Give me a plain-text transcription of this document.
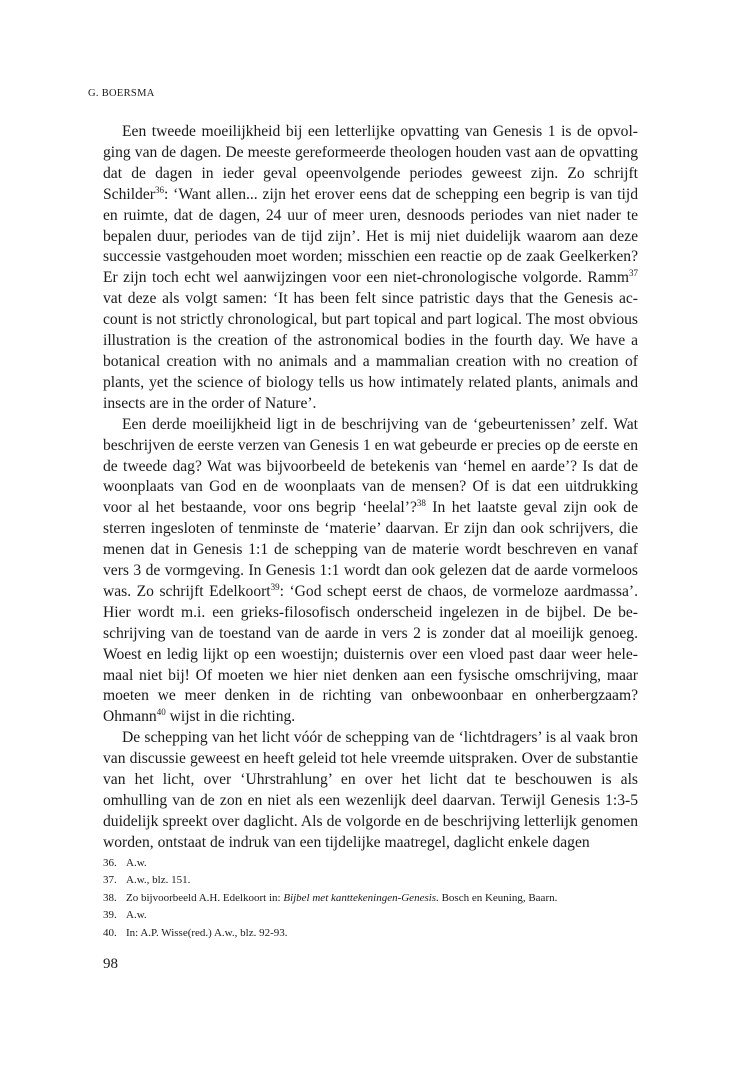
G. BOERSMA

Een tweede moeilijkheid bij een letterlijke opvatting van Genesis 1 is de opvolging van de dagen. De meeste gereformeerde theologen houden vast aan de opvatting dat de dagen in ieder geval opeenvolgende periodes geweest zijn. Zo schrijft Schilder$^{36}$: ‘Want allen... zijn het erover eens dat de schepping een begrip is van tijd en ruimte, dat de dagen, 24 uur of meer uren, desnoods periodes van niet nader te bepalen duur, periodes van de tijd zijn’. Het is mij niet duidelijk waarom aan deze successie vastgehouden moet worden; misschien een reactie op de zaak Geelkerken? Er zijn toch echt wel aanwijzingen voor een niet-chronologische volgorde. Ramm$^{37}$ vat deze als volgt samen: ‘It has been felt since patristic days that the Genesis account is not strictly chronological, but part topical and part logical. The most obvious illustration is the creation of the astronomical bodies in the fourth day. We have a botanical creation with no animals and a mammalian creation with no creation of plants, yet the science of biology tells us how intimately related plants, animals and insects are in the order of Nature’.

Een derde moeilijkheid ligt in de beschrijving van de ‘gebeurtenissen’ zelf. Wat beschrijven de eerste verzen van Genesis 1 en wat gebeurde er precies op de eerste en de tweede dag? Wat was bijvoorbeeld de betekenis van ‘hemel en aarde’? Is dat de woonplaats van God en de woonplaats van de mensen? Of is dat een uitdrukking voor al het bestaande, voor ons begrip ‘heelal’?$^{38}$ In het laatste geval zijn ook de sterren ingesloten of tenminste de ‘materie’ daarvan. Er zijn dan ook schrijvers, die menen dat in Genesis 1:1 de schepping van de materie wordt beschreven en vanaf vers 3 de vormgeving. In Genesis 1:1 wordt dan ook gelezen dat de aarde vormeloos was. Zo schrijft Edelkoort$^{39}$: ‘God schept eerst de chaos, de vormeloze aardmassa’. Hier wordt m.i. een grieks-filosofisch onderscheid ingelezen in de bijbel. De beschrijving van de toestand van de aarde in vers 2 is zonder dat al moeilijk genoeg. Woest en ledig lijkt op een woestijn; duisternis over een vloed past daar weer helemaal niet bij! Of moeten we hier niet denken aan een fysische omschrijving, maar moeten we meer denken in de richting van onbewoonbaar en onherbergzaam? Ohmann$^{40}$ wijst in die richting.

De schepping van het licht vóór de schepping van de ‘lichtdragers’ is al vaak bron van discussie geweest en heeft geleid tot hele vreemde uitspraken. Over de substantie van het licht, over ‘Uhrstrahlung’ en over het licht dat te beschouwen is als omhulling van de zon en niet als een wezenlijk deel daarvan. Terwijl Genesis 1:3-5 duidelijk spreekt over daglicht. Als de volgorde en de beschrijving letterlijk genomen worden, ontstaat de indruk van een tijdelijke maatregel, daglicht enkele dagen

36. A.w.
37. A.w., blz. 151.
38. Zo bijvoorbeeld A.H. Edelkoort in: Bijbel met kanttekeningen-Genesis. Bosch en Keuning, Baarn.
39. A.w.
40. In: A.P. Wisse(red.) A.w., blz. 92-93.
98
